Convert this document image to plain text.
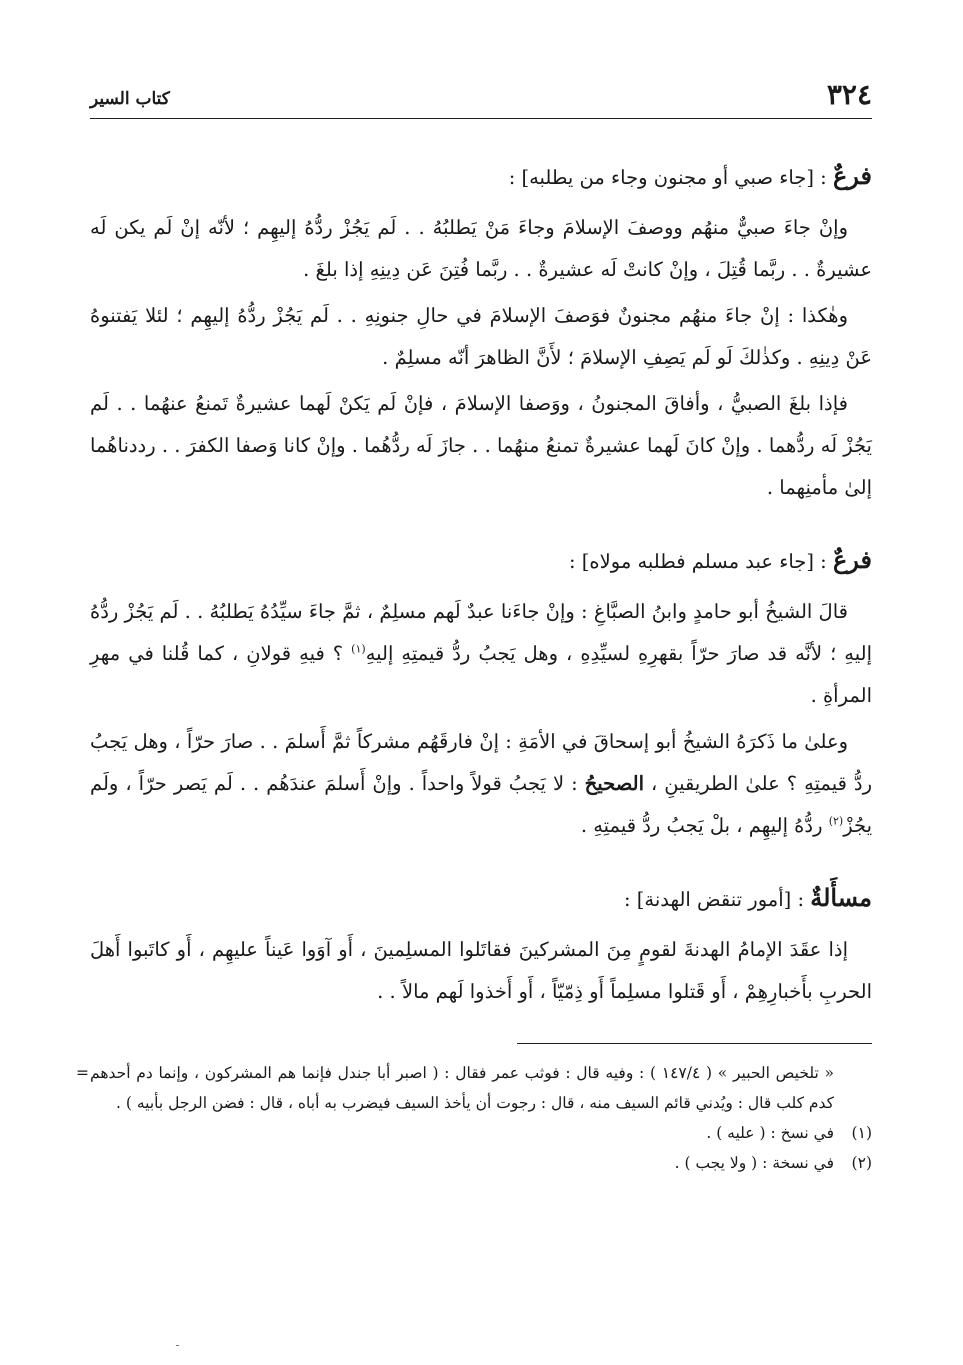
٣٢٤
كتاب السير
فرعٌ : [جاء صبي أو مجنون وجاء من يطلبه] :

وإنْ جاءَ صبيٌّ منهُم ووصفَ الإسلامَ وجاءَ مَنْ يَطلبُهُ . . لَم يَجُزْ ردُّهُ إليهِم ؛ لأنّه إنْ لَم يكن لَه عشيرةٌ . . ربَّما قُتِلَ ، وإنْ كانتْ لَه عشيرةٌ . . ربَّما فُتِنَ عَن دِينِهِ إذا بلغَ .

وهٰكذا : إنْ جاءَ منهُم مجنونٌ فوَصفَ الإسلامَ في حالِ جنونِهِ . . لَم يَجُزْ ردُّهُ إليهِم ؛ لئلا يَفتنوهُ عَنْ دِينِهِ . وكذٰلكَ لَو لَم يَصِفِ الإسلامَ ؛ لأَنَّ الظاهرَ أنّه مسلِمٌ .

فإذا بلغَ الصبيُّ ، وأفاقَ المجنونُ ، ووَصفا الإسلامَ ، فإنْ لَم يَكنْ لَهما عشيرةٌ تَمنعُ عنهُما . . لَم يَجُزْ لَه ردُّهما . وإنْ كانَ لَهما عشيرةٌ تمنعُ منهُما . . جازَ لَه ردُّهُما . وإنْ كانا وَصفا الكفرَ . . رددناهُما إلىٰ مأمنِهما .

فرعٌ : [جاء عبد مسلم فطلبه مولاه] :

قالَ الشيخُ أبو حامدٍ وابنُ الصبَّاغِ : وإنْ جاءَنا عبدٌ لَهم مسلِمٌ ، ثمَّ جاءَ سيِّدُهُ يَطلبُهُ . . لَم يَجُزْ ردُّهُ إليهِ ؛ لأنَّه قد صارَ حرّاً بقهرِهِ لسيِّدِهِ ، وهل يَجبُ ردُّ قيمتِهِ إليهِ$^{(١)}$ ؟ فيهِ قولانِ ، كما قُلنا في مهرِ المرأةِ .

وعلىٰ ما ذَكرَهُ الشيخُ أبو إسحاقَ في الأمَةِ : إنْ فارقَهُم مشركاً ثمَّ أَسلمَ . . صارَ حرّاً ، وهل يَجبُ ردُّ قيمتِهِ ؟ علىٰ الطريقينِ ، الصحيحُ : لا يَجبُ قولاً واحداً . وإنْ أَسلمَ عندَهُم . . لَم يَصر حرّاً ، ولَم يجُزْ$^{(٢)}$ ردُّهُ إليهِم ، بلْ يَجبُ ردُّ قيمتِهِ .

مسأَلةٌ : [أمور تنقض الهدنة] :

إذا عقَدَ الإمامُ الهدنةَ لقومٍ مِنَ المشركينَ فقاتَلوا المسلِمينَ ، أَو آوَوا عَيناً عليهِم ، أَو كاتَبوا أَهلَ الحربِ بأَخبارِهِمْ ، أَو قَتلوا مسلِماً أَو ذِمّيّاً ، أَو أَخذوا لَهم مالاً . .

« تلخيص الحبير » ( ١٤٧/٤ ) : وفيه قال : فوثب عمر فقال : ( اصبر أبا جندل فإنما هم المشركون ، وإنما دم أحدهم كدم كلب قال : ويُدني قائم السيف منه ، قال : رجوت أن يأخذ السيف فيضرب به أباه ، قال : فضن الرجل بأبيه ) .
=
(١)
في نسخ : ( عليه ) .
(٢)
في نسخة : ( ولا يجب ) .
ـ
